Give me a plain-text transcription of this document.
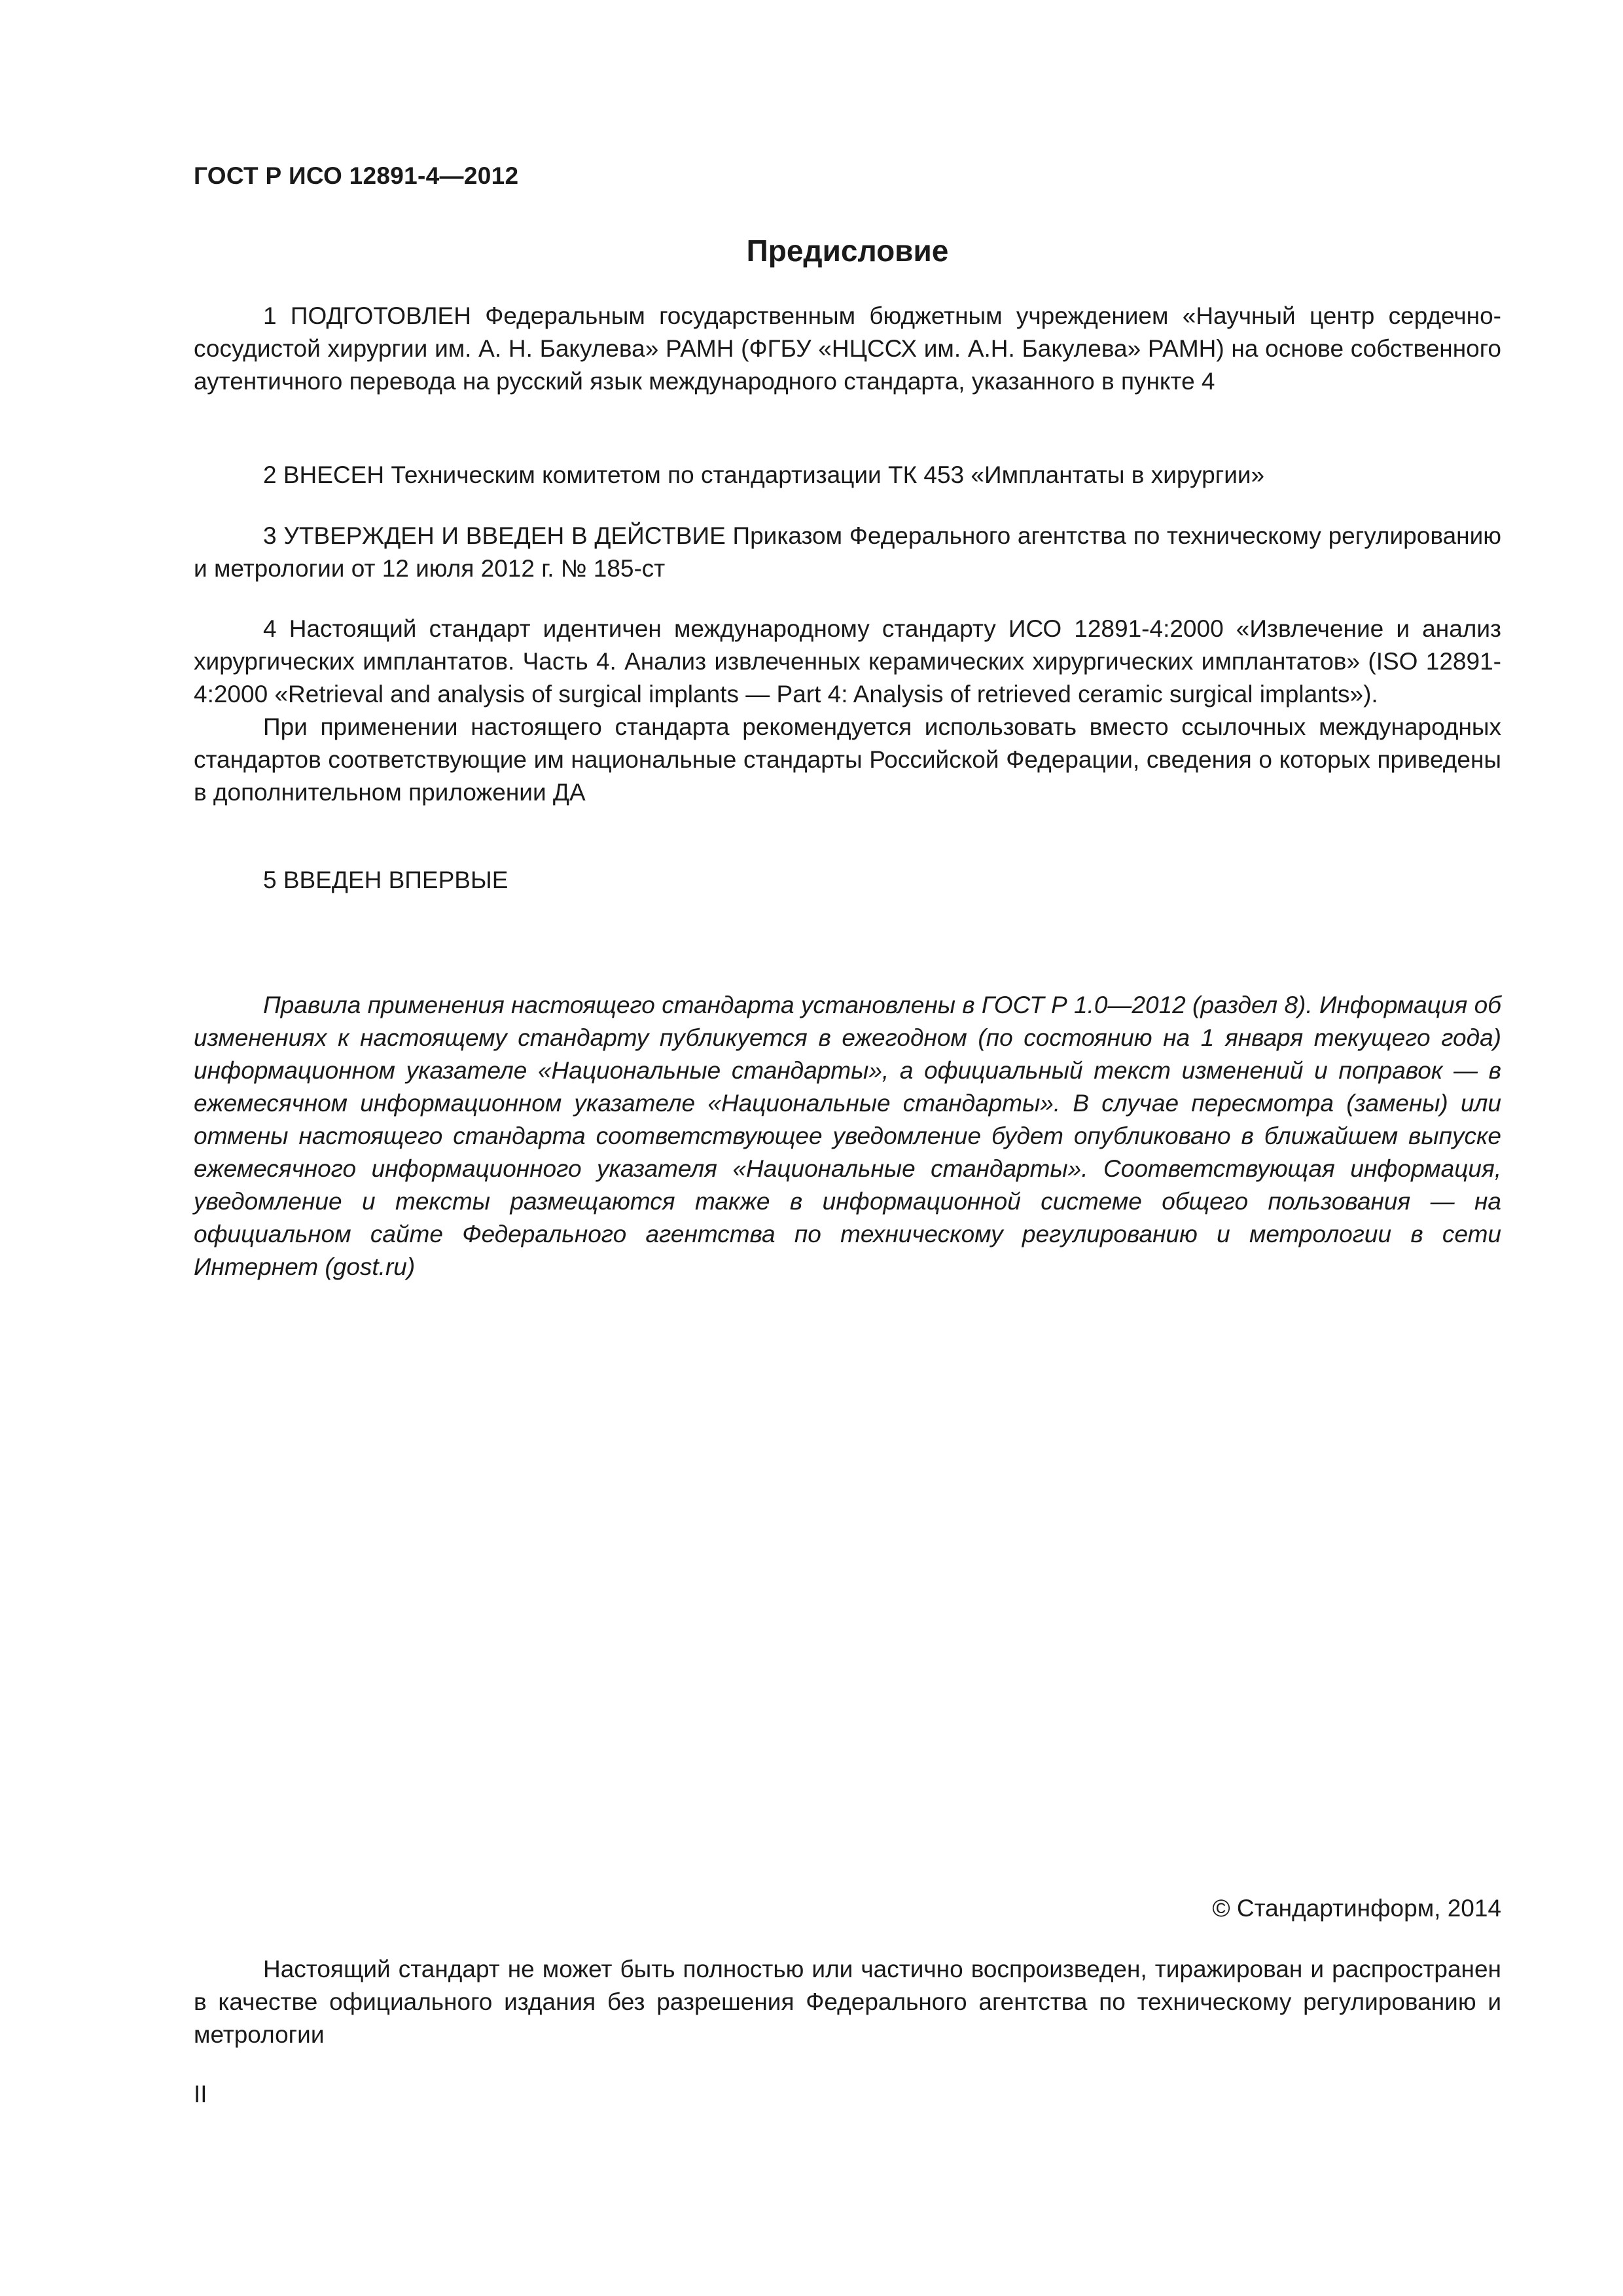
ГОСТ Р ИСО 12891-4—2012
Предисловие

1 ПОДГОТОВЛЕН Федеральным государственным бюджетным учреждением «Научный центр сердечно-сосудистой хирургии им. А. Н. Бакулева» РАМН (ФГБУ «НЦССХ им. А.Н. Бакулева» РАМН) на основе собственного аутентичного перевода на русский язык международного стандарта, указанного в пункте 4

2 ВНЕСЕН Техническим комитетом по стандартизации ТК 453 «Имплантаты в хирургии»

3 УТВЕРЖДЕН И ВВЕДЕН В ДЕЙСТВИЕ Приказом Федерального агентства по техническому регулированию и метрологии от 12 июля 2012 г. № 185-ст

4 Настоящий стандарт идентичен международному стандарту ИСО 12891-4:2000 «Извлечение и анализ хирургических имплантатов. Часть 4. Анализ извлеченных керамических хирургических имплантатов» (ISO 12891-4:2000 «Retrieval and analysis of surgical implants — Part 4: Analysis of retrieved ceramic surgical implants»).

При применении настоящего стандарта рекомендуется использовать вместо ссылочных международных стандартов соответствующие им национальные стандарты Российской Федерации, сведения о которых приведены в дополнительном приложении ДА

5 ВВЕДЕН ВПЕРВЫЕ

Правила применения настоящего стандарта установлены в ГОСТ Р 1.0—2012 (раздел 8). Информация об изменениях к настоящему стандарту публикуется в ежегодном (по состоянию на 1 января текущего года) информационном указателе «Национальные стандарты», а официальный текст изменений и поправок — в ежемесячном информационном указателе «Национальные стандарты». В случае пересмотра (замены) или отмены настоящего стандарта соответствующее уведомление будет опубликовано в ближайшем выпуске ежемесячного информационного указателя «Национальные стандарты». Соответствующая информация, уведомление и тексты размещаются также в информационной системе общего пользования — на официальном сайте Федерального агентства по техническому регулированию и метрологии в сети Интернет (gost.ru)

© Стандартинформ, 2014

Настоящий стандарт не может быть полностью или частично воспроизведен, тиражирован и распространен в качестве официального издания без разрешения Федерального агентства по техническому регулированию и метрологии

II
